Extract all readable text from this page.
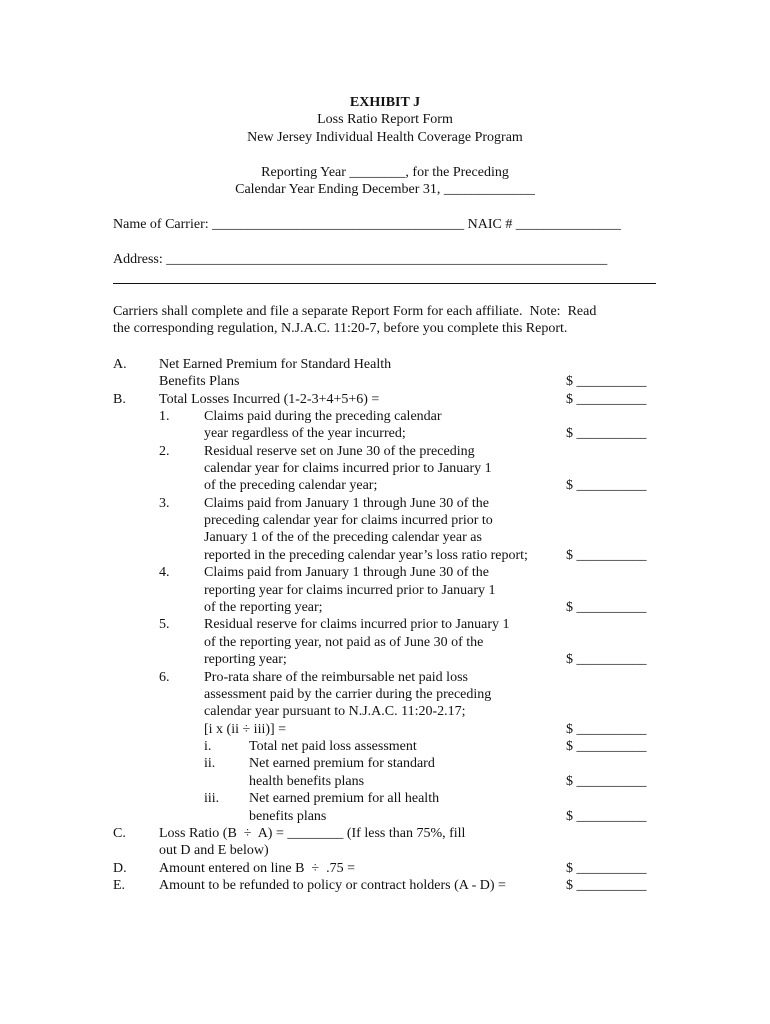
EXHIBIT J
Loss Ratio Report Form
New Jersey Individual Health Coverage Program
Reporting Year ________, for the Preceding
Calendar Year Ending December 31, _____________
Name of Carrier: ____________________________________ NAIC # _______________
Address: _______________________________________________________________
Carriers shall complete and file a separate Report Form for each affiliate.  Note:  Read
the corresponding regulation, N.J.A.C. 11:20-7, before you complete this Report.
A. Net Earned Premium for Standard Health
Benefits Plans	$ __________
B. Total Losses Incurred (1-2-3+4+5+6) =	$ __________
1. Claims paid during the preceding calendar
year regardless of the year incurred;	$ __________
2. Residual reserve set on June 30 of the preceding
calendar year for claims incurred prior to January 1
of the preceding calendar year;	$ __________
3. Claims paid from January 1 through June 30 of the
preceding calendar year for claims incurred prior to
January 1 of the of the preceding calendar year as
reported in the preceding calendar year’s loss ratio report;	$ __________
4. Claims paid from January 1 through June 30 of the
reporting year for claims incurred prior to January 1
of the reporting year;	$ __________
5. Residual reserve for claims incurred prior to January 1
of the reporting year, not paid as of June 30 of the
reporting year;	$ __________
6. Pro-rata share of the reimbursable net paid loss
assessment paid by the carrier during the preceding
calendar year pursuant to N.J.A.C. 11:20-2.17;
[i x (ii ÷ iii)] =	$ __________
i.	Total net paid loss assessment	$ __________
ii. Net earned premium for standard
health benefits plans	$ __________
iii. Net earned premium for all health
benefits plans	$ __________
C. Loss Ratio (B  ÷  A) = ________ (If less than 75%, fill
out D and E below)
D. Amount entered on line B  ÷  .75 =	$ __________
E. Amount to be refunded to policy or contract holders (A - D) =	$ __________
